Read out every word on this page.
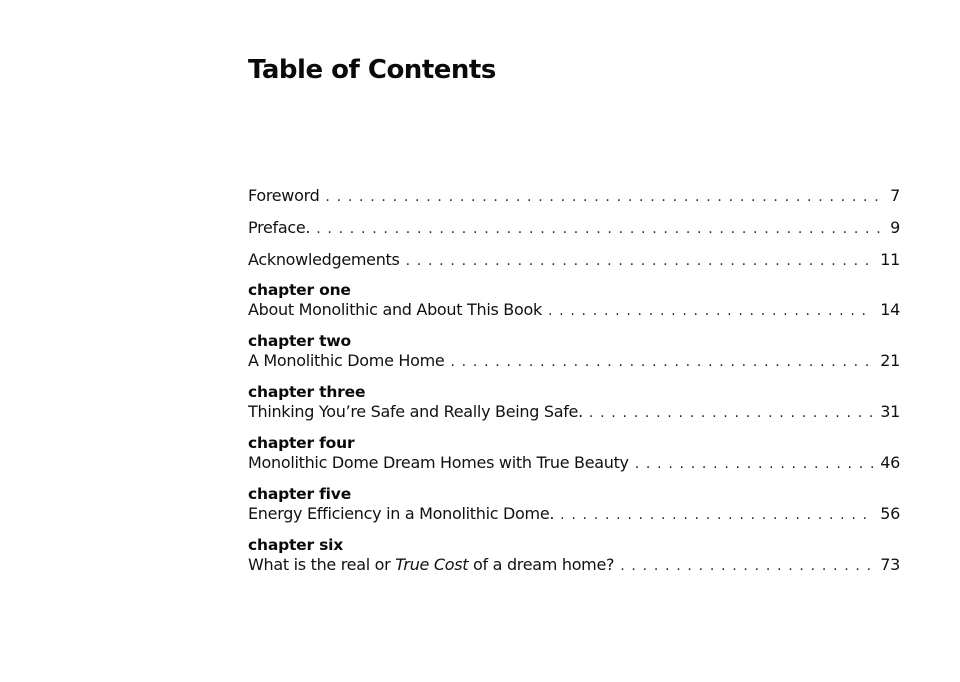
Table of Contents
Foreword . . .	7
Preface. . . .	9
Acknowledgements . . .	11
chapter one
About Monolithic and About This Book . . .	14
chapter two
A Monolithic Dome Home . . .	21
chapter three
Thinking You’re Safe and Really Being Safe. . . .	31
chapter four
Monolithic Dome Dream Homes with True Beauty . . .	46
chapter five
Energy Efficiency in a Monolithic Dome. . . .	56
chapter six
What is the real or True Cost of a dream home? . . .	73
